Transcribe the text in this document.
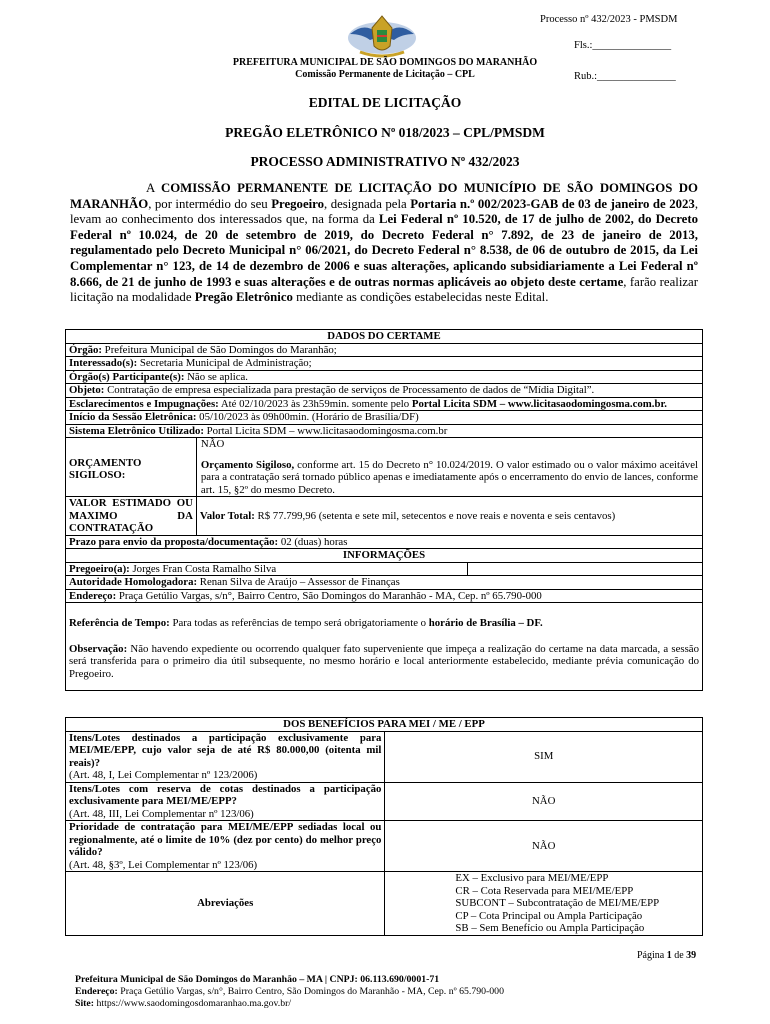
Processo nº 432/2023 - PMSDM
Fls.:_______________
Rub.:_______________
PREFEITURA MUNICIPAL DE SÃO DOMINGOS DO MARANHÃO
Comissão Permanente de Licitação – CPL
EDITAL DE LICITAÇÃO
PREGÃO ELETRÔNICO Nº 018/2023 – CPL/PMSDM
PROCESSO ADMINISTRATIVO Nº 432/2023
A COMISSÃO PERMANENTE DE LICITAÇÃO DO MUNICÍPIO DE SÃO DOMINGOS DO MARANHÃO, por intermédio do seu Pregoeiro, designada pela Portaria n.º 002/2023-GAB de 03 de janeiro de 2023, levam ao conhecimento dos interessados que, na forma da Lei Federal nº 10.520, de 17 de julho de 2002, do Decreto Federal nº 10.024, de 20 de setembro de 2019, do Decreto Federal n° 7.892, de 23 de janeiro de 2013, regulamentado pelo Decreto Municipal n° 06/2021, do Decreto Federal n° 8.538, de 06 de outubro de 2015, da Lei Complementar n° 123, de 14 de dezembro de 2006 e suas alterações, aplicando subsidiariamente a Lei Federal nº 8.666, de 21 de junho de 1993 e suas alterações e de outras normas aplicáveis ao objeto deste certame, farão realizar licitação na modalidade Pregão Eletrônico mediante as condições estabelecidas neste Edital.
DADOS DO CERTAME		
Órgão: Prefeitura Municipal de São Domingos do Maranhão;		
Interessado(s): Secretaria Municipal de Administração;		
Órgão(s) Participante(s): Não se aplica.		
Objeto: Contratação de empresa especializada para prestação de serviços de Processamento de dados de “Mídia Digital”.		
Esclarecimentos e Impugnações: Até 02/10/2023 às 23h59min. somente pelo Portal Licita SDM – www.licitasaodomingosma.com.br.		
Início da Sessão Eletrônica: 05/10/2023 às 09h00min. (Horário de Brasília/DF)		
Sistema Eletrônico Utilizado: Portal Licita SDM – www.licitasaodomingosma.com.br		
ORÇAMENTO SIGILOSO:	NÃO
Orçamento Sigiloso, conforme art. 15 do Decreto n° 10.024/2019. O valor estimado ou o valor máximo aceitável para a contratação será tornado público apenas e imediatamente após o encerramento do envio de lances, conforme art. 15, §2º do mesmo Decreto.	

VALOR ESTIMADO OU MAXIMO DA CONTRATAÇÃO	Valor Total: R$ 77.799,96 (setenta e sete mil, setecentos e nove reais e noventa e seis centavos)	
Prazo para envio da proposta/documentação: 02 (duas) horas		
INFORMAÇÕES		
Pregoeiro(a): Jorges Fran Costa Ramalho Silva		
Autoridade Homologadora: Renan Silva de Araújo – Assessor de Finanças		
Endereço: Praça Getúlio Vargas, s/n°, Bairro Centro, São Domingos do Maranhão - MA, Cep. nº 65.790-000		

Referência de Tempo: Para todas as referências de tempo será obrigatoriamente o horário de Brasília – DF.
Observação: Não havendo expediente ou ocorrendo qualquer fato superveniente que impeça a realização do certame na data marcada, a sessão será transferida para o primeiro dia útil subsequente, no mesmo horário e local anteriormente estabelecido, mediante prévia comunicação do Pregoeiro.		
DOS BENEFÍCIOS PARA MEI / ME / EPP	
Itens/Lotes destinados a participação exclusivamente para MEI/ME/EPP, cujo valor seja de até R$ 80.000,00 (oitenta mil reais)?
(Art. 48, I, Lei Complementar nº 123/2006)	SIM
Itens/Lotes com reserva de cotas destinados a participação exclusivamente para MEI/ME/EPP?
(Art. 48, III, Lei Complementar nº 123/06)	NÃO
Prioridade de contratação para MEI/ME/EPP sediadas local ou regionalmente, até o limite de 10% (dez por cento) do melhor preço válido?
(Art. 48, §3º, Lei Complementar nº 123/06)	NÃO
Abreviações	EX – Exclusivo para MEI/ME/EPP
CR – Cota Reservada para MEI/ME/EPP
SUBCONT – Subcontratação de MEI/ME/EPP
CP – Cota Principal ou Ampla Participação
SB – Sem Benefício ou Ampla Participação
Página 1 de 39
Prefeitura Municipal de São Domingos do Maranhão – MA | CNPJ: 06.113.690/0001-71
Endereço: Praça Getúlio Vargas, s/n°, Bairro Centro, São Domingos do Maranhão - MA, Cep. nº 65.790-000
Site: https://www.saodomingosdomaranhao.ma.gov.br/
